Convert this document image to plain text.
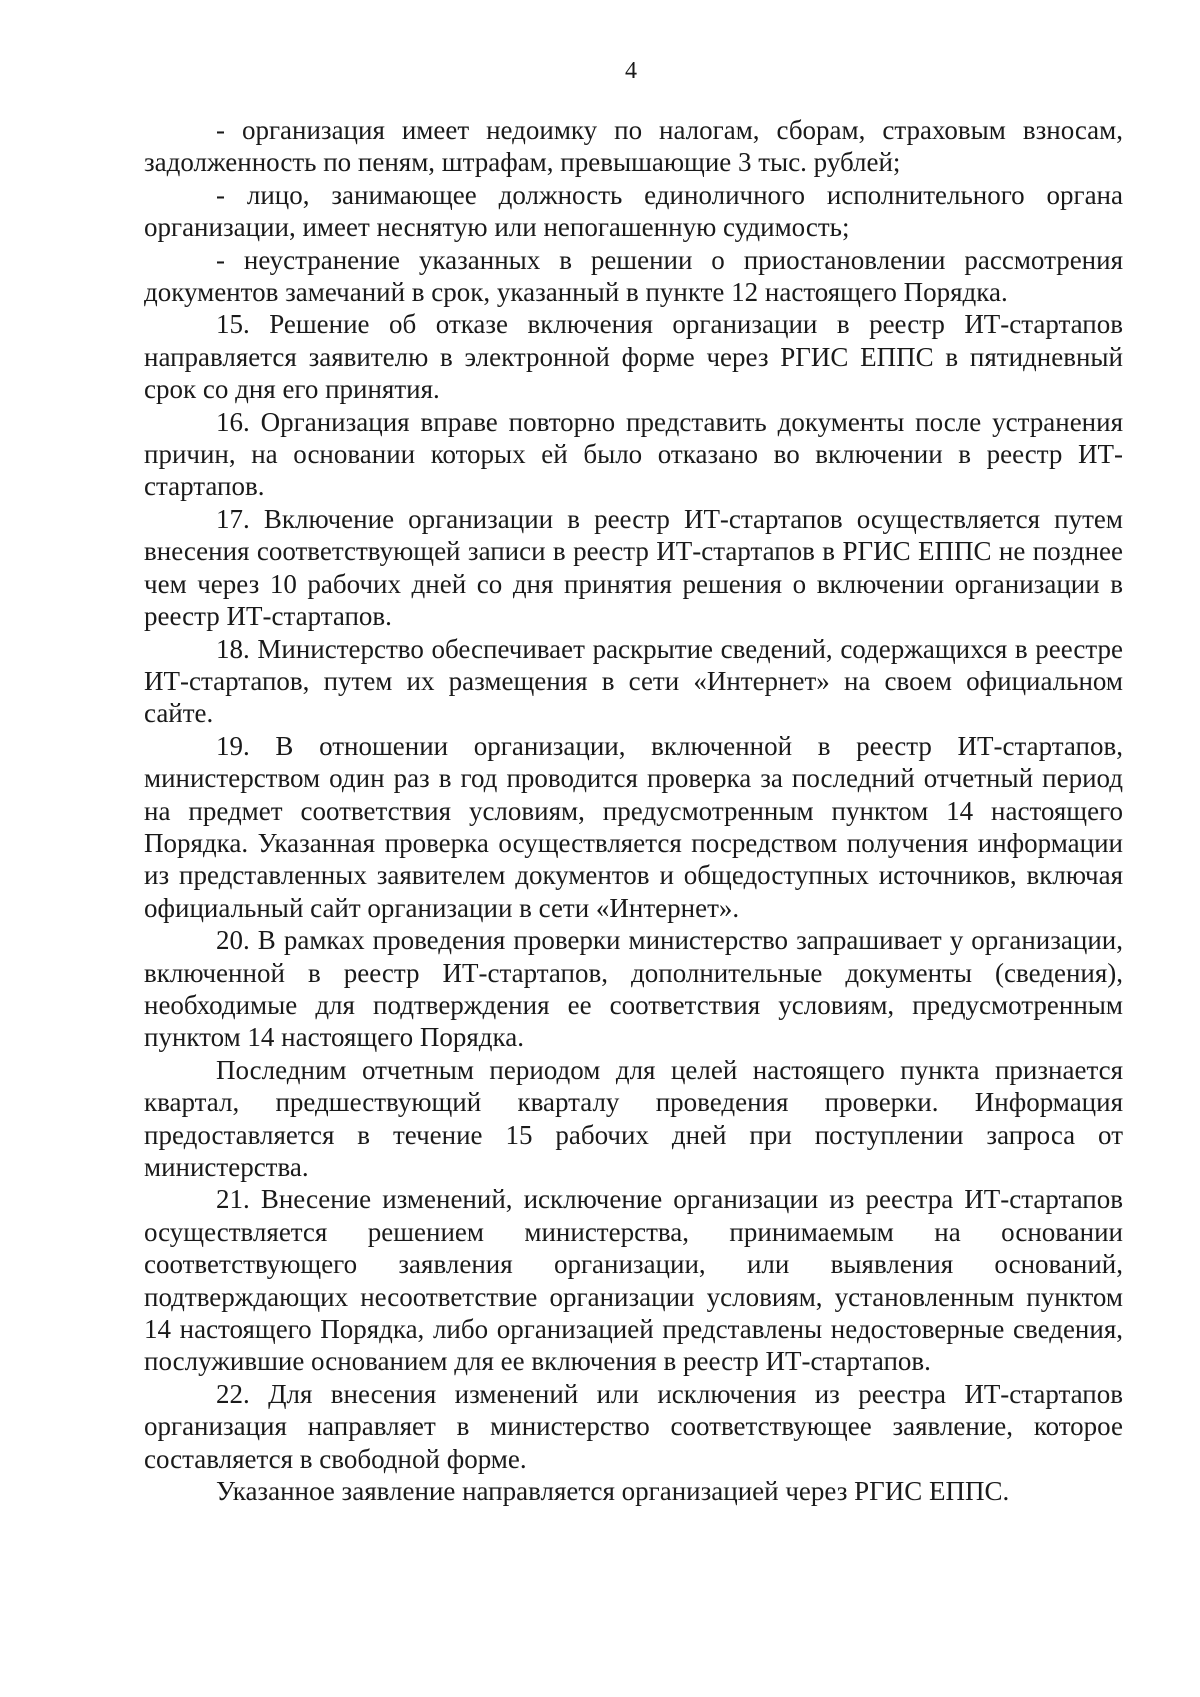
4

- организация имеет недоимку по налогам, сборам, страховым взносам, задолженность по пеням, штрафам, превышающие 3 тыс. рублей;

- лицо, занимающее должность единоличного исполнительного органа организации, имеет неснятую или непогашенную судимость;

- неустранение указанных в решении о приостановлении рассмотрения документов замечаний в срок, указанный в пункте 12 настоящего Порядка.

15. Решение об отказе включения организации в реестр ИТ-стартапов направляется заявителю в электронной форме через РГИС ЕППС в пятидневный срок со дня его принятия.

16. Организация вправе повторно представить документы после устранения причин, на основании которых ей было отказано во включении в реестр ИТ-стартапов.

17. Включение организации в реестр ИТ-стартапов осуществляется путем внесения соответствующей записи в реестр ИТ-стартапов в РГИС ЕППС не позднее чем через 10 рабочих дней со дня принятия решения о включении организации в реестр ИТ-стартапов.

18. Министерство обеспечивает раскрытие сведений, содержащихся в реестре ИТ-стартапов, путем их размещения в сети «Интернет» на своем официальном сайте.

19. В отношении организации, включенной в реестр ИТ-стартапов, министерством один раз в год проводится проверка за последний отчетный период на предмет соответствия условиям, предусмотренным пунктом 14 настоящего Порядка. Указанная проверка осуществляется посредством получения информации из представленных заявителем документов и общедоступных источников, включая официальный сайт организации в сети «Интернет».

20. В рамках проведения проверки министерство запрашивает у организации, включенной в реестр ИТ-стартапов, дополнительные документы (сведения), необходимые для подтверждения ее соответствия условиям, предусмотренным пунктом 14 настоящего Порядка.

Последним отчетным периодом для целей настоящего пункта признается квартал, предшествующий кварталу проведения проверки. Информация предоставляется в течение 15 рабочих дней при поступлении запроса от министерства.

21. Внесение изменений, исключение организации из реестра ИТ-стартапов осуществляется решением министерства, принимаемым на основании соответствующего заявления организации, или выявления оснований, подтверждающих несоответствие организации условиям, установленным пунктом 14 настоящего Порядка, либо организацией представлены недостоверные сведения, послужившие основанием для ее включения в реестр ИТ-стартапов.

22. Для внесения изменений или исключения из реестра ИТ-стартапов организация направляет в министерство соответствующее заявление, которое составляется в свободной форме.

Указанное заявление направляется организацией через РГИС ЕППС.
